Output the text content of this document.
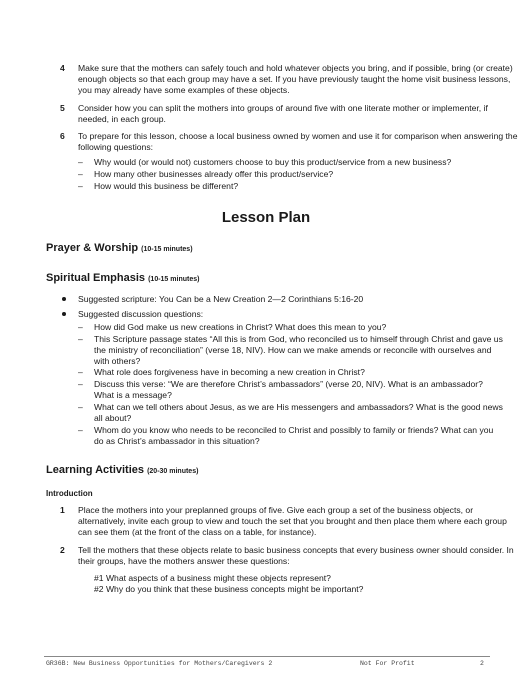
4 Make sure that the mothers can safely touch and hold whatever objects you bring, and if possible, bring (or create) enough objects so that each group may have a set. If you have previously taught the home visit business lessons, you may already have some examples of these objects.
5 Consider how you can split the mothers into groups of around five with one literate mother or implementer, if needed, in each group.
6 To prepare for this lesson, choose a local business owned by women and use it for comparison when answering the following questions:
– Why would (or would not) customers choose to buy this product/service from a new business?
– How many other businesses already offer this product/service?
– How would this business be different?
Lesson Plan
Prayer & Worship (10-15 minutes)
Spiritual Emphasis (10-15 minutes)
Suggested scripture: You Can be a New Creation 2—2 Corinthians 5:16-20
Suggested discussion questions:
– How did God make us new creations in Christ? What does this mean to you?
– This Scripture passage states “All this is from God, who reconciled us to himself through Christ and gave us the ministry of reconciliation” (verse 18, NIV). How can we make amends or reconcile with ourselves and with others?
– What role does forgiveness have in becoming a new creation in Christ?
– Discuss this verse: “We are therefore Christ’s ambassadors” (verse 20, NIV). What is an ambassador? What is a message?
– What can we tell others about Jesus, as we are His messengers and ambassadors? What is the good news all about?
– Whom do you know who needs to be reconciled to Christ and possibly to family or friends? What can you do as Christ’s ambassador in this situation?
Learning Activities (20-30 minutes)
Introduction
1 Place the mothers into your preplanned groups of five. Give each group a set of the business objects, or alternatively, invite each group to view and touch the set that you brought and then place them where each group can see them (at the front of the class on a table, for instance).
2 Tell the mothers that these objects relate to basic business concepts that every business owner should consider. In their groups, have the mothers answer these questions:
#1 What aspects of a business might these objects represent?
#2 Why do you think that these business concepts might be important?
GR36B: New Business Opportunities for Mothers/Caregivers 2	Not For Profit	2
